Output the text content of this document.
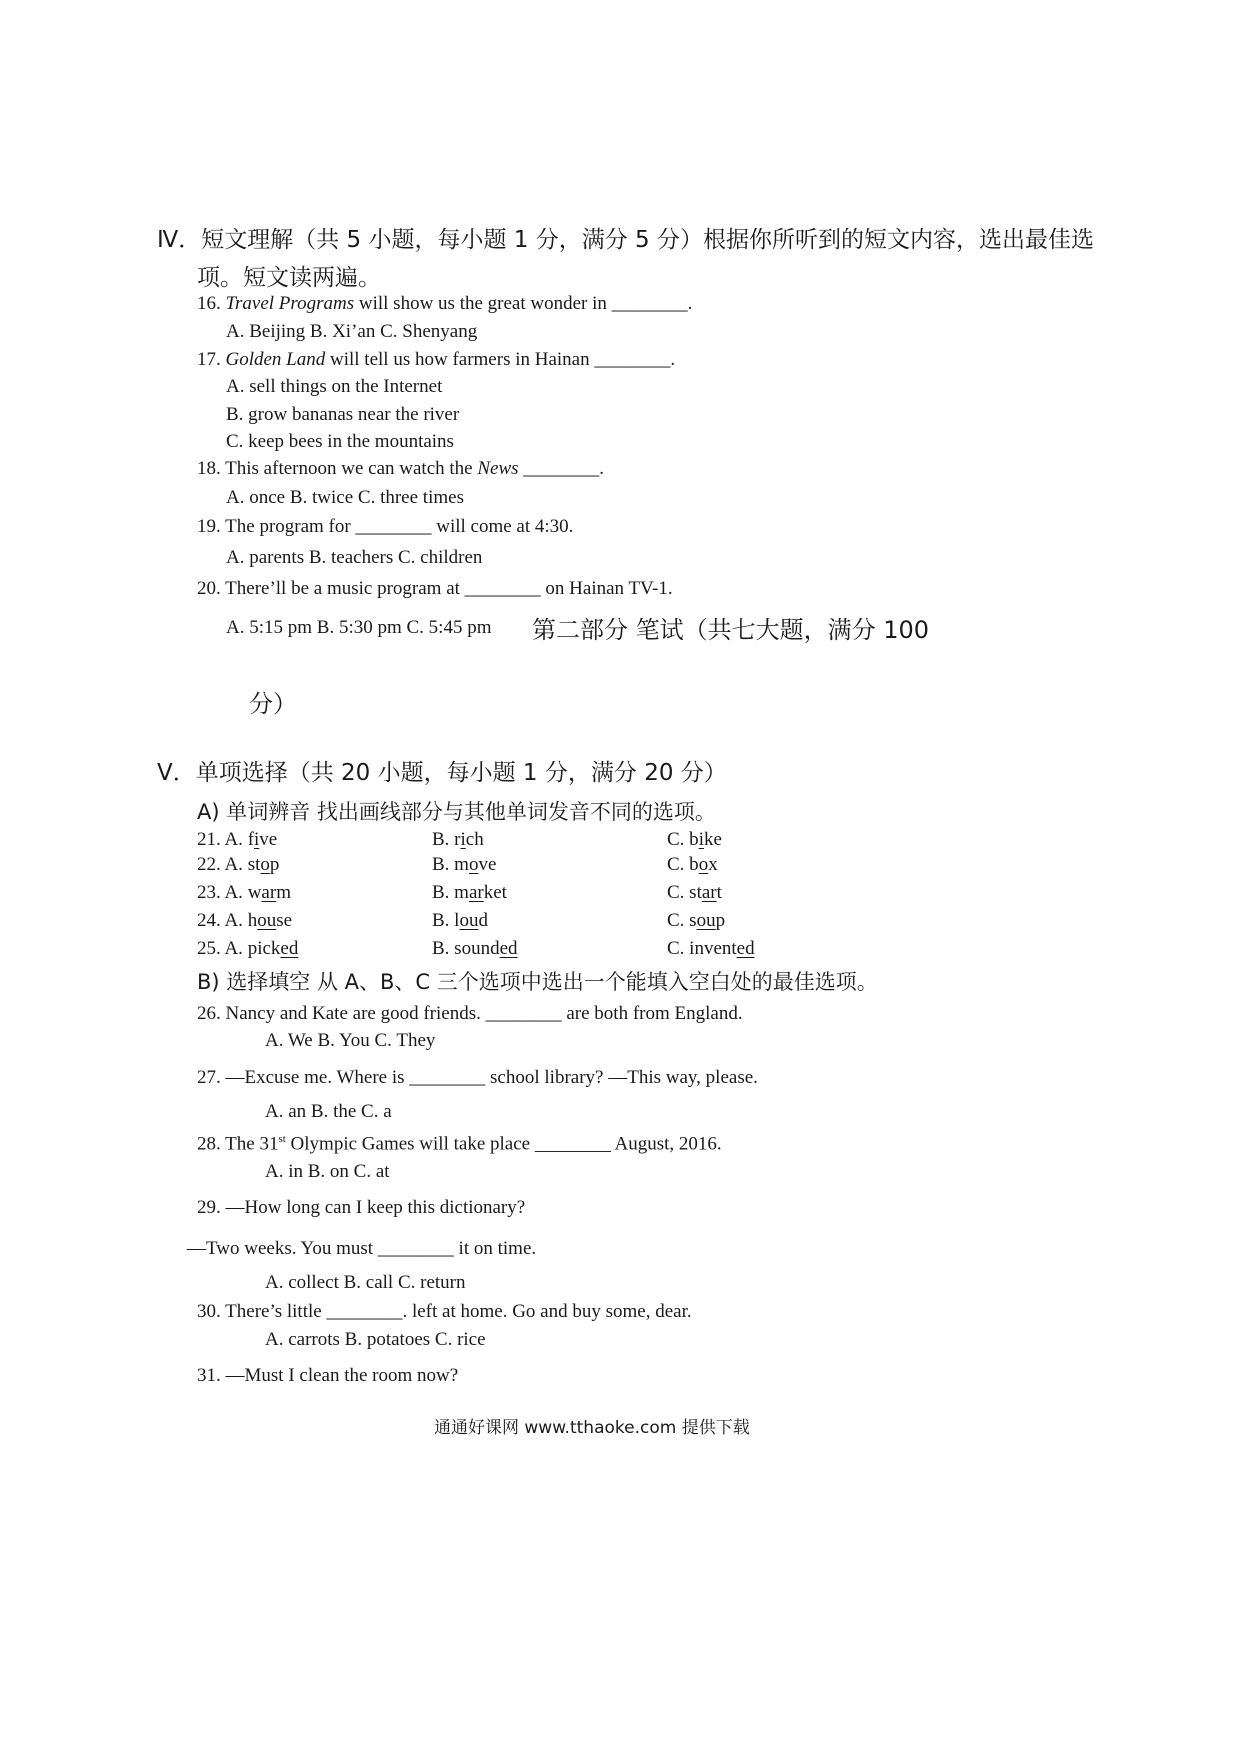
Ⅳ．短文理解（共 5 小题，每小题 1 分，满分 5 分）根据你所听到的短文内容，选出最佳选
项。短文读两遍。
16. Travel Programs will show us the great wonder in ________.
A. Beijing B. Xi’an C. Shenyang
17. Golden Land will tell us how farmers in Hainan ________.
A. sell things on the Internet
B. grow bananas near the river
C. keep bees in the mountains
18. This afternoon we can watch the News ________.
A. once B. twice C. three times
19. The program for ________ will come at 4:30.
A. parents B. teachers C. children
20. There’ll be a music program at ________ on Hainan TV-1.
A. 5:15 pm B. 5:30 pm C. 5:45 pm 第二部分 笔试（共七大题，满分 100
分）
Ⅴ．单项选择（共 20 小题，每小题 1 分，满分 20 分）
A) 单词辨音 找出画线部分与其他单词发音不同的选项。
21. A. five	B. rich	C. bike
22. A. stop	B. move	C. box
23. A. warm	B. market	C. start
24. A. house	B. loud	C. soup
25. A. picked	B. sounded	C. invented
B) 选择填空 从 A、B、C 三个选项中选出一个能填入空白处的最佳选项。
26. Nancy and Kate are good friends. ________ are both from England.
A. We B. You C. They
27. —Excuse me. Where is ________ school library? —This way, please.
A. an B. the C. a
28. The 31st Olympic Games will take place ________ August, 2016.
A. in B. on C. at
29. —How long can I keep this dictionary?
—Two weeks. You must ________ it on time.
A. collect B. call C. return
30. There’s little ________. left at home. Go and buy some, dear.
A. carrots B. potatoes C. rice
31. —Must I clean the room now?
通通好课网 www.tthaoke.com 提供下载
